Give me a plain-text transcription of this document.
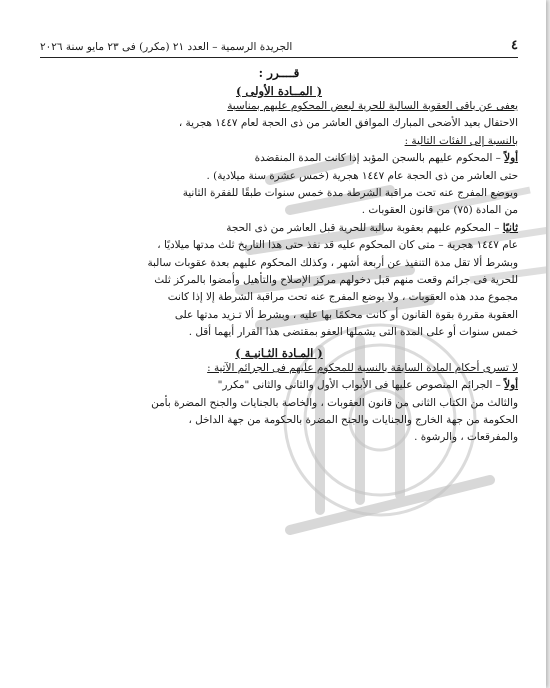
٤
الجريدة الرسمية – العدد ٢١ (مكرر) فى ٢٣ مايو سنة ٢٠٢٦
قــــرر :
( المــادة الأولى )

يعفى عن باقى العقوبة السالبة للحرية لبعض المحكوم عليهم بمناسبة

الاحتفال بعيد الأضحى المبارك الموافق العاشر من ذى الحجة لعام ١٤٤٧ هجرية ،

بالنسبة إلى الفئات التالية :

أولاً – المحكوم عليهم بالسجن المؤبد إذا كانت المدة المنقضدة

حتى العاشر من ذى الحجة عام ١٤٤٧ هجرية (خمس عشرة سنة ميلادية) .

ويوضع المفرج عنه تحت مراقبة الشرطة مدة خمس سنوات طبقًا للفقرة الثانية

من المادة (٧٥) من قانون العقوبات .

ثانيًا – المحكوم عليهم بعقوبة سالبة للحرية قبل العاشر من ذى الحجة

عام ١٤٤٧ هجرية – متى كان المحكوم عليه قد نفذ حتى هذا التاريخ ثلث مدتها ميلاديًا ،

وبشرط ألا تقل مدة التنفيذ عن أربعة أشهر ، وكذلك المحكوم عليهم بعدة عقوبات سالبة

للحرية فى جرائم وقعت منهم قبل دخولهم مركز الإصلاح والتأهيل وأمضوا بالمركز ثلث

مجموع مدد هذه العقوبات ، ولا يوضع المفرج عنه تحت مراقبة الشرطة إلا إذا كانت

العقوبة مقررة بقوة القانون أو كانت محكمًا بها عليه ، وبشرط ألا تـزيد مدتها على

خمس سنوات أو على المدة التى يشملها العفو بمقتضى هذا القرار أيهما أقل .

( المـادة الثـانيـة )

لا تسرى أحكام المادة السابقة بالنسبة للمحكوم عليهم فى الجرائم الآتية :

أولاً – الجرائم المنصوص عليها فى الأبواب الأول والثانى والثانى "مكرر"

والثالث من الكتاب الثانى من قانون العقوبات ، والخاصة بالجنايات والجنح المضرة بأمن

الحكومة من جهة الخارج والجنايات والجنح المضرة بالحكومة من جهة الداخل ،

والمفرقعات ، والرشوة .
